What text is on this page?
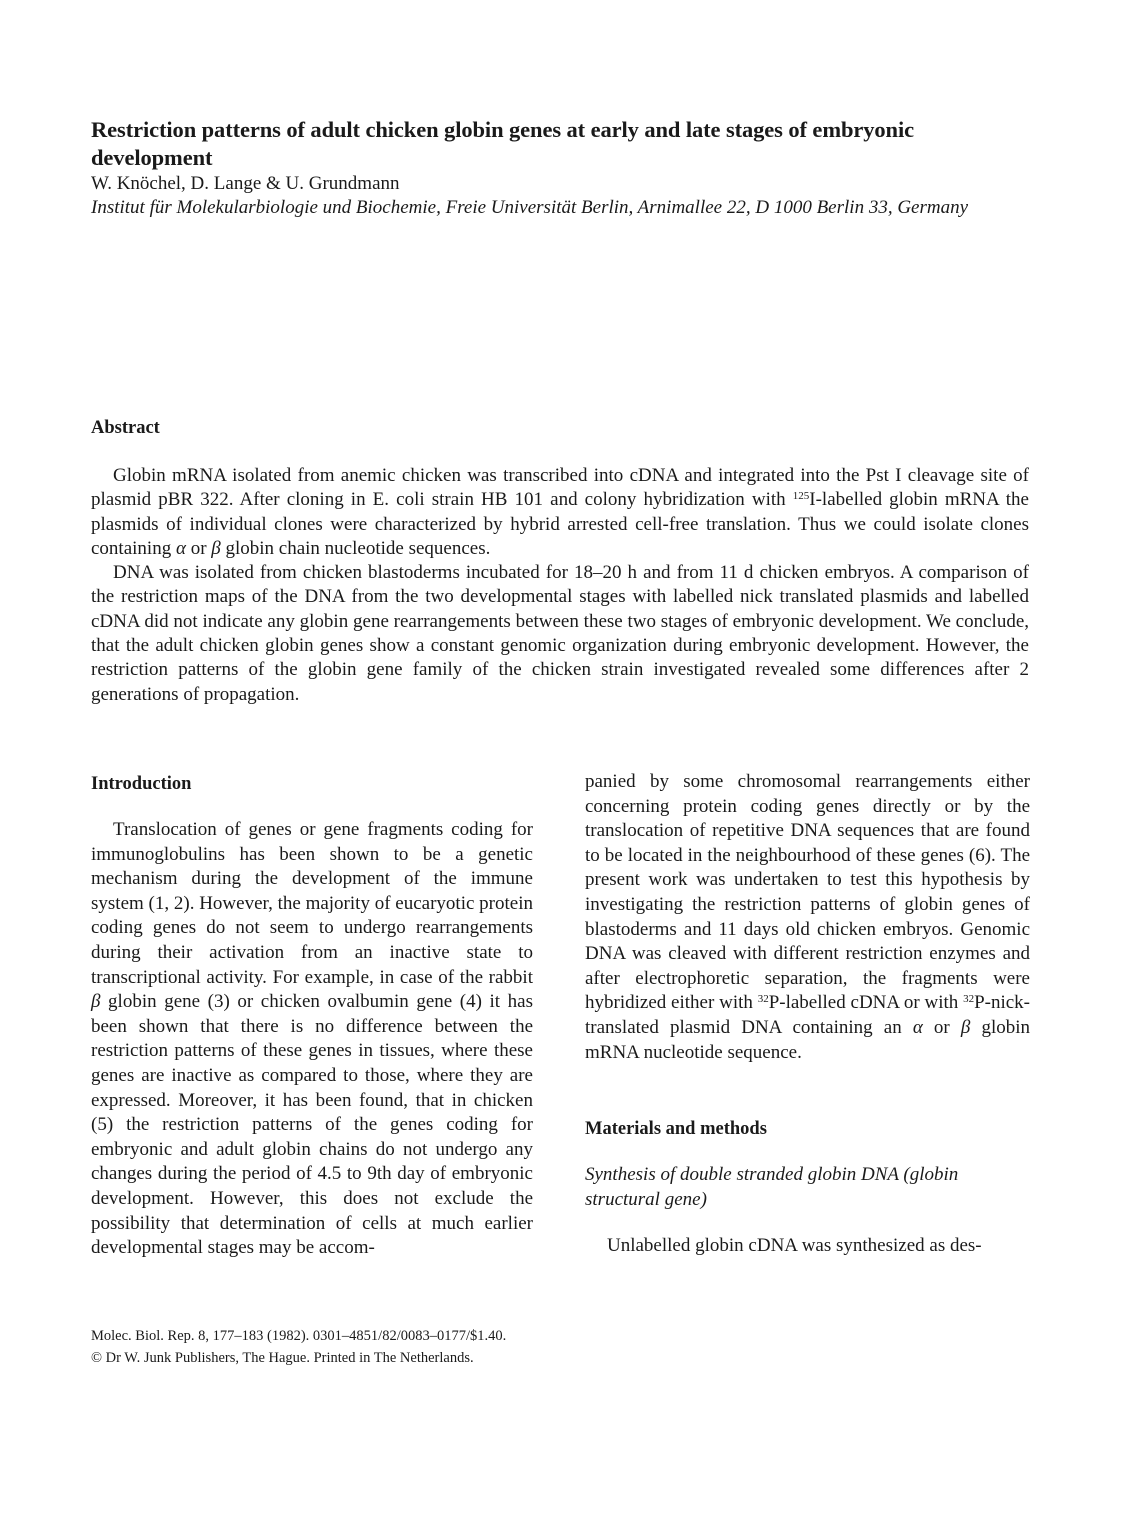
Restriction patterns of adult chicken globin genes at early and late stages of embryonic development
W. Knöchel, D. Lange & U. Grundmann
Institut für Molekularbiologie und Biochemie, Freie Universität Berlin, Arnimallee 22, D 1000 Berlin 33, Germany
Abstract

Globin mRNA isolated from anemic chicken was transcribed into cDNA and integrated into the Pst I cleavage site of plasmid pBR 322. After cloning in E. coli strain HB 101 and colony hybridization with $^{125}$I-labelled globin mRNA the plasmids of individual clones were characterized by hybrid arrested cell-free translation. Thus we could isolate clones containing α or β globin chain nucleotide sequences.

DNA was isolated from chicken blastoderms incubated for 18–20 h and from 11 d chicken embryos. A comparison of the restriction maps of the DNA from the two developmental stages with labelled nick translated plasmids and labelled cDNA did not indicate any globin gene rearrangements between these two stages of embryonic development. We conclude, that the adult chicken globin genes show a constant genomic organization during embryonic development. However, the restriction patterns of the globin gene family of the chicken strain investigated revealed some differences after 2 generations of propagation.

Introduction

Translocation of genes or gene fragments coding for immunoglobulins has been shown to be a genetic mechanism during the development of the immune system (1, 2). However, the majority of eucaryotic protein coding genes do not seem to undergo rearrangements during their activation from an inactive state to transcriptional activity. For example, in case of the rabbit β globin gene (3) or chicken ovalbumin gene (4) it has been shown that there is no difference between the restriction patterns of these genes in tissues, where these genes are inactive as compared to those, where they are expressed. Moreover, it has been found, that in chicken (5) the restriction patterns of the genes coding for embryonic and adult globin chains do not undergo any changes during the period of 4.5 to 9th day of embryonic development. However, this does not exclude the possibility that determination of cells at much earlier developmental stages may be accom-

panied by some chromosomal rearrangements either concerning protein coding genes directly or by the translocation of repetitive DNA sequences that are found to be located in the neighbourhood of these genes (6). The present work was undertaken to test this hypothesis by investigating the restriction patterns of globin genes of blastoderms and 11 days old chicken embryos. Genomic DNA was cleaved with different restriction enzymes and after electrophoretic separation, the fragments were hybridized either with $^{32}$P-labelled cDNA or with $^{32}$P-nick-translated plasmid DNA containing an α or β globin mRNA nucleotide sequence.

Materials and methods

Synthesis of double stranded globin DNA (globin structural gene)

Unlabelled globin cDNA was synthesized as des-

Molec. Biol. Rep. 8, 177–183 (1982). 0301–4851/82/0083–0177/$1.40.
© Dr W. Junk Publishers, The Hague. Printed in The Netherlands.
